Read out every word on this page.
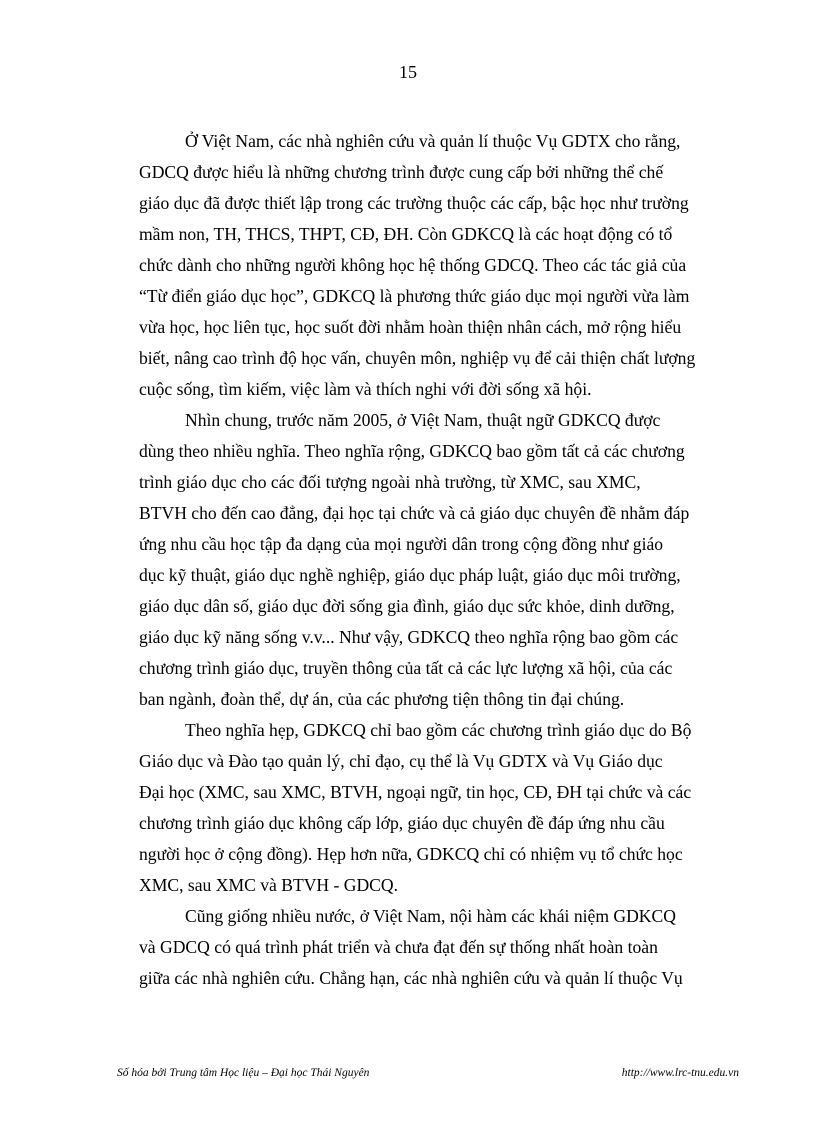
15

Ở Việt Nam, các nhà nghiên cứu và quản lí thuộc Vụ GDTX cho rằng,
GDCQ được hiểu là những chương trình được cung cấp bởi những thể chế
giáo dục đã được thiết lập trong các trường thuộc các cấp, bậc học như trường
mầm non, TH, THCS, THPT, CĐ, ĐH. Còn GDKCQ là các hoạt động có tổ
chức dành cho những người không học hệ thống GDCQ. Theo các tác giả của
“Từ điển giáo dục học”, GDKCQ là phương thức giáo dục mọi người vừa làm
vừa học, học liên tục, học suốt đời nhằm hoàn thiện nhân cách, mở rộng hiểu
biết, nâng cao trình độ học vấn, chuyên môn, nghiệp vụ để cải thiện chất lượng
cuộc sống, tìm kiếm, việc làm và thích nghi với đời sống xã hội.

Nhìn chung, trước năm 2005, ở Việt Nam, thuật ngữ GDKCQ được
dùng theo nhiều nghĩa. Theo nghĩa rộng, GDKCQ bao gồm tất cả các chương
trình giáo dục cho các đối tượng ngoài nhà trường, từ XMC, sau XMC,
BTVH cho đến cao đẳng, đại học tại chức và cả giáo dục chuyên đề nhằm đáp
ứng nhu cầu học tập đa dạng của mọi người dân trong cộng đồng như giáo
dục kỹ thuật, giáo dục nghề nghiệp, giáo dục pháp luật, giáo dục môi trường,
giáo dục dân số, giáo dục đời sống gia đình, giáo dục sức khỏe, dinh dưỡng,
giáo dục kỹ năng sống v.v... Như vậy, GDKCQ theo nghĩa rộng bao gồm các
chương trình giáo dục, truyền thông của tất cả các lực lượng xã hội, của các
ban ngành, đoàn thể, dự án, của các phương tiện thông tin đại chúng.

Theo nghĩa hẹp, GDKCQ chỉ bao gồm các chương trình giáo dục do Bộ
Giáo dục và Đào tạo quản lý, chỉ đạo, cụ thể là Vụ GDTX và Vụ Giáo dục
Đại học (XMC, sau XMC, BTVH, ngoại ngữ, tin học, CĐ, ĐH tại chức và các
chương trình giáo dục không cấp lớp, giáo dục chuyên đề đáp ứng nhu cầu
người học ở cộng đồng). Hẹp hơn nữa, GDKCQ chỉ có nhiệm vụ tổ chức học
XMC, sau XMC và BTVH - GDCQ.

Cũng giống nhiều nước, ở Việt Nam, nội hàm các khái niệm GDKCQ
và GDCQ có quá trình phát triển và chưa đạt đến sự thống nhất hoàn toàn
giữa các nhà nghiên cứu. Chẳng hạn, các nhà nghiên cứu và quản lí thuộc Vụ

Số hóa bởi Trung tâm Học liệu – Đại học Thái Nguyên	http://www.lrc-tnu.edu.vn
